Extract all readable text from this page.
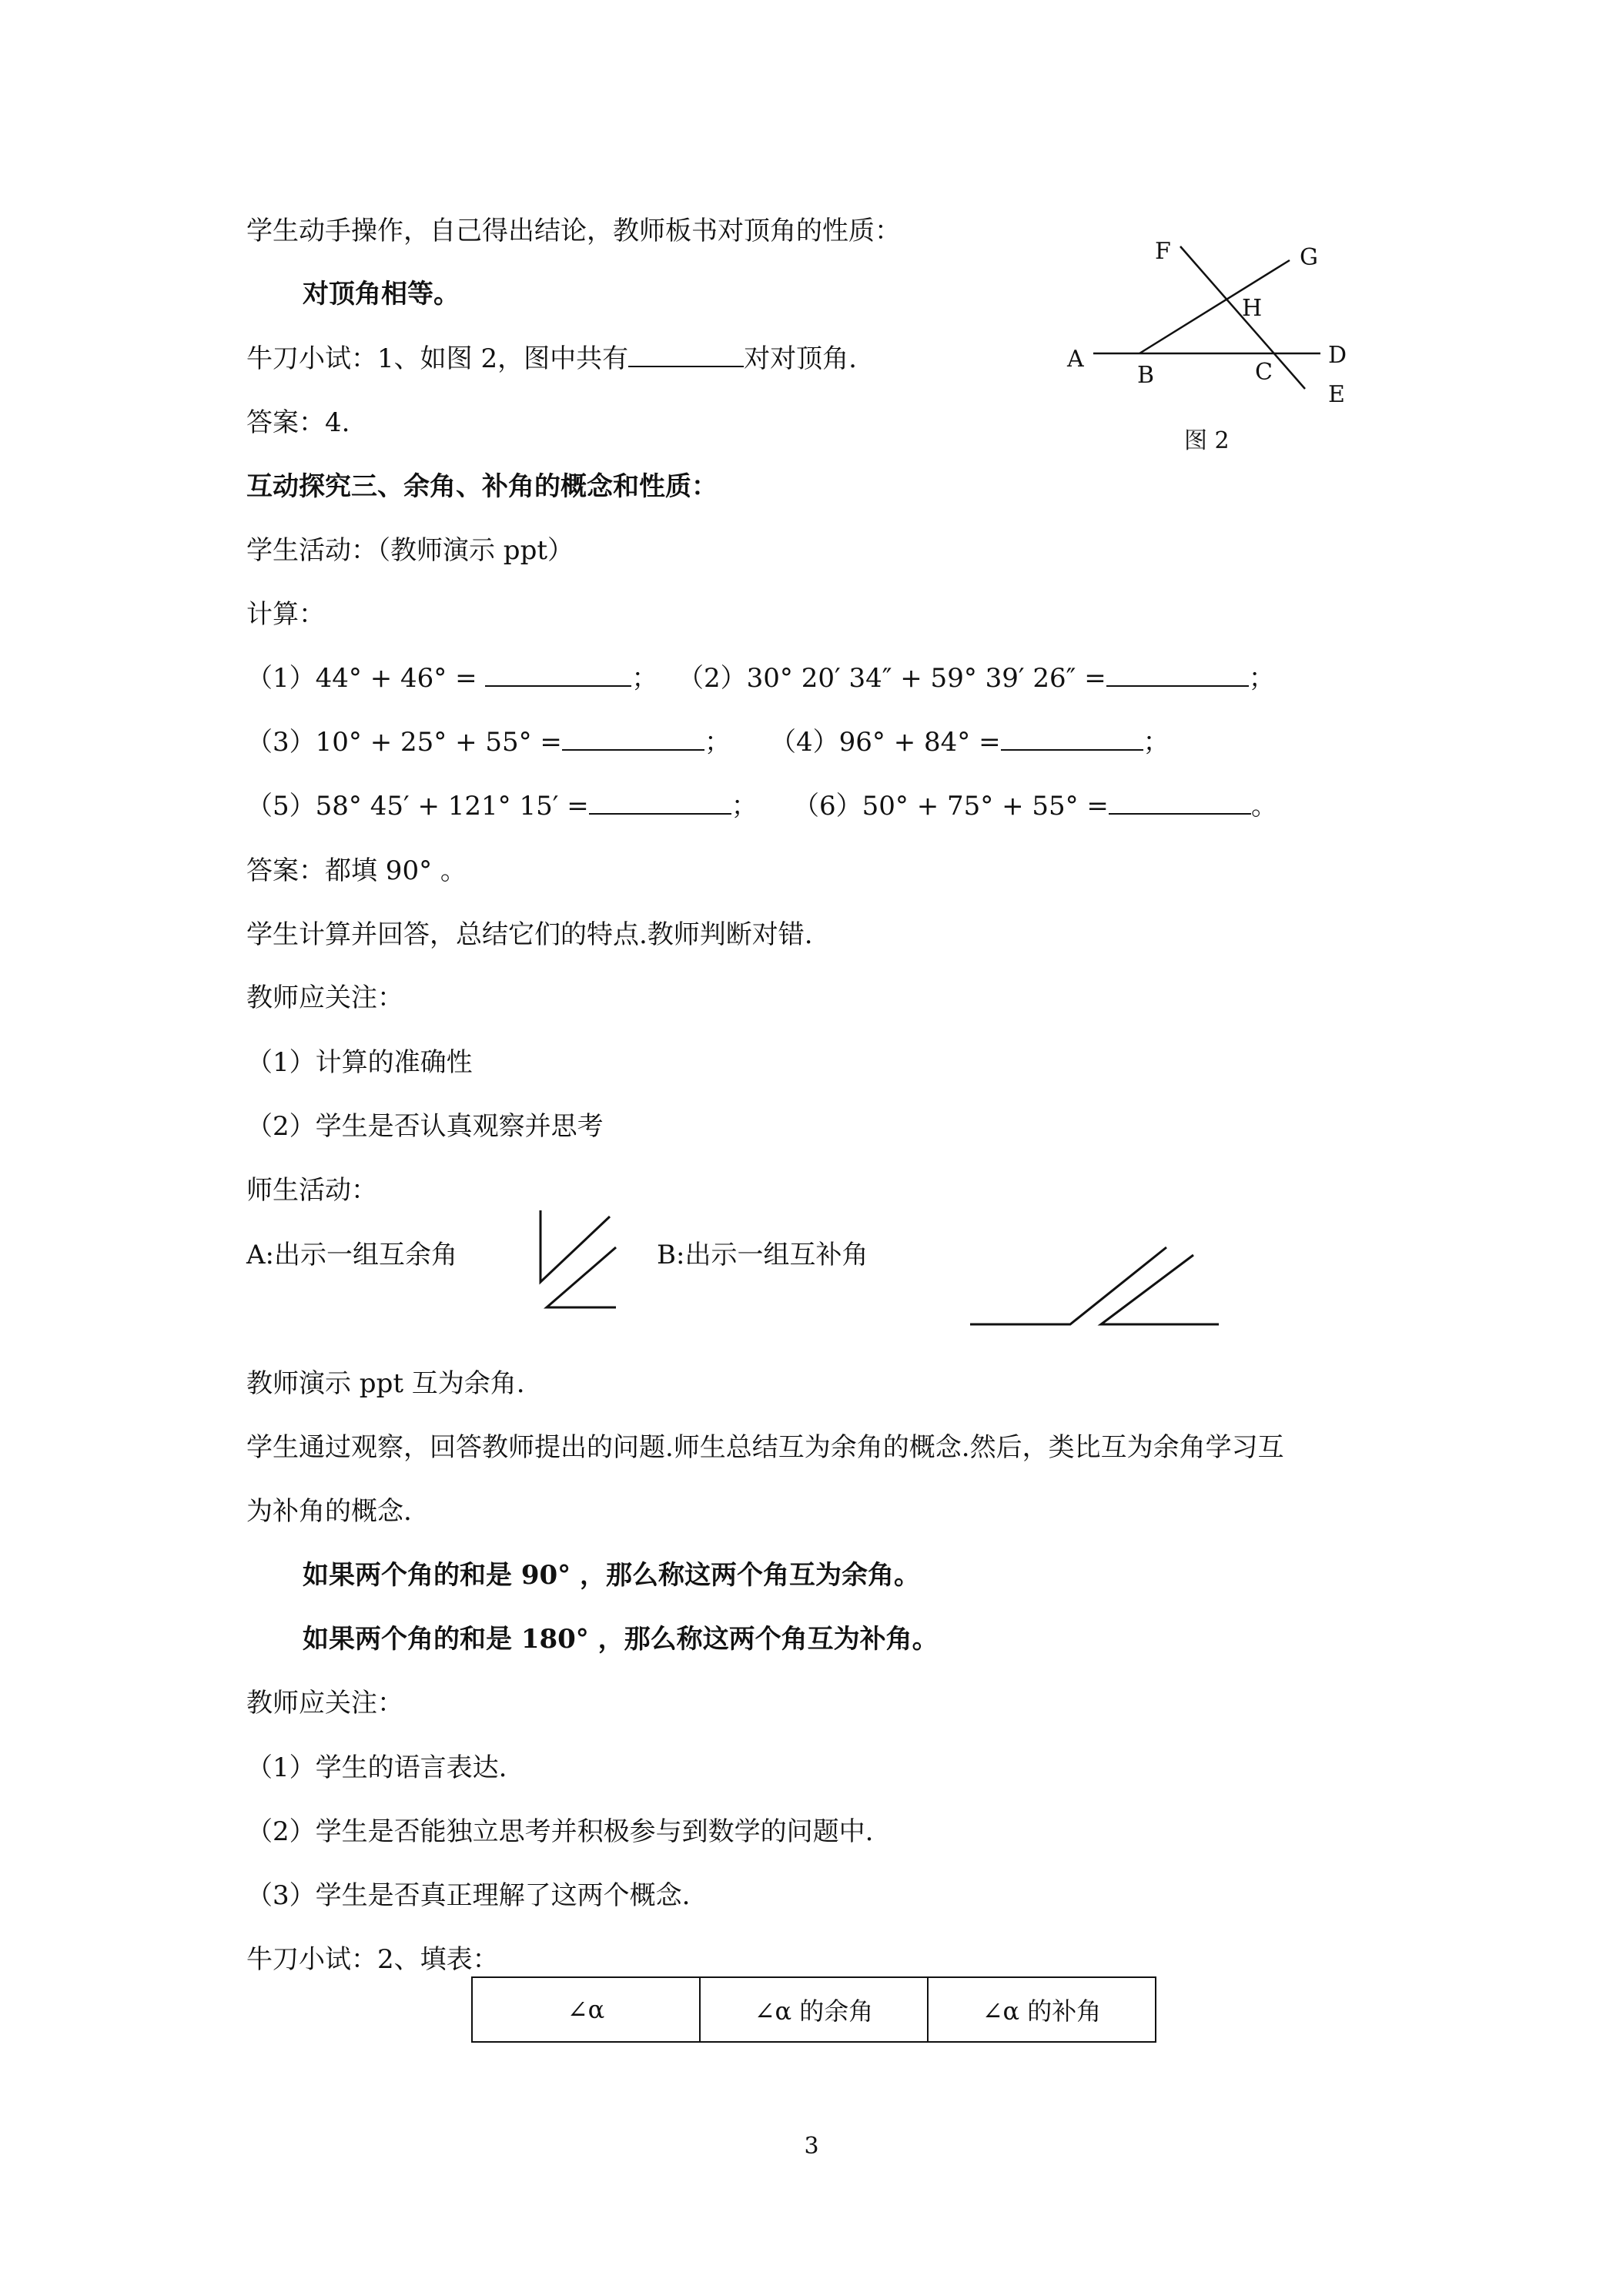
学生动手操作，自己得出结论，教师板书对顶角的性质：
对顶角相等。
牛刀小试：1、如图 2，图中共有	对对顶角.
答案：4.
F	G
H
A
B	C
D
E
图 2
互动探究三、余角、补角的概念和性质：
学生活动：（教师演示 ppt）
计算：
（1）44° + 46° =	； （2）30° 20′ 34″ + 59° 39′ 26″ =	；
（3）10° + 25° + 55° =	； （4）96° + 84° =	；
（5）58° 45′ + 121° 15′ =	； （6）50° + 75° + 55° =	。
答案：都填 90° 。
学生计算并回答，总结它们的特点.教师判断对错.
教师应关注：
（1）计算的准确性
（2）学生是否认真观察并思考
师生活动：
A:出示一组互余角	B:出示一组互补角
教师演示 ppt 互为余角.
学生通过观察，回答教师提出的问题.师生总结互为余角的概念.然后，类比互为余角学习互
为补角的概念.
如果两个角的和是 90° ，那么称这两个角互为余角。
如果两个角的和是 180° ，那么称这两个角互为补角。
教师应关注：
（1）学生的语言表达.
（2）学生是否能独立思考并积极参与到数学的问题中.
（3）学生是否真正理解了这两个概念.
牛刀小试：2、填表：
∠α	∠α 的余角	∠α 的补角
3
